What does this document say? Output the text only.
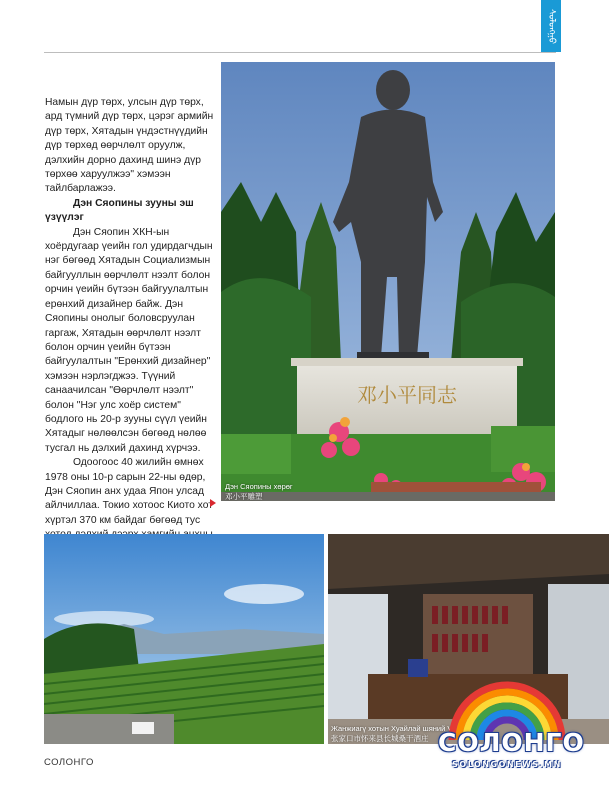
ᠰᠣᠯᠣᠩᠭ᠋ᠣ

Намын дүр төрх, улсын дүр төрх, ард түмний дүр төрх, цэрэг армийн дүр төрх, Хятадын үндэстнүүдийн дүр төрхөд өөрчлөлт оруулж, дэлхийн дорно дахинд шинэ дүр төрхөө харуулжээ" хэмээн тайлбарлажээ.

Дэн Сяопины зууны эш үзүүлэг

Дэн Сяопин ХКН-ын хоёрдугаар үеийн гол удирдагчдын нэг бөгөөд Хятадын Социализмын байгууллын өөрчлөлт нээлт болон орчин үеийн бүтээн байгуулалтын ерөнхий дизайнер байж. Дэн Сяопины онолыг боловсруулан гаргаж, Хятадын өөрчлөлт нээлт болон орчин үеийн бүтээн байгуулалтын "Ерөнхий дизайнер" хэмээн нэрлэгджээ. Түүний санаачилсан "Өөрчлөлт нээлт" болон "Нэг улс хоёр систем" бодлого нь 20-р зууны сүүл үеийн Хятадыг нөлөөлсэн бөгөөд нөлөө тусгал нь дэлхий дахинд хүрчээ.

Одоогоос 40 жилийн өмнөх 1978 оны 10-р сарын 22-ны өдөр, Дэн Сяопин анх удаа Япон улсад айлчиллаа. Токио хотоос Киото хот хүртэл 370 км байдаг бөгөөд тус

邓小平同志
Дэн Сяопины хөрөг
邓小平雕塑
Жанжиагү хотын Хуайлай шяний V
张家口市怀来县长城桑干酒庄
СОЛОНГО
СОЛОНГО
SOLONGONEWS.MN
